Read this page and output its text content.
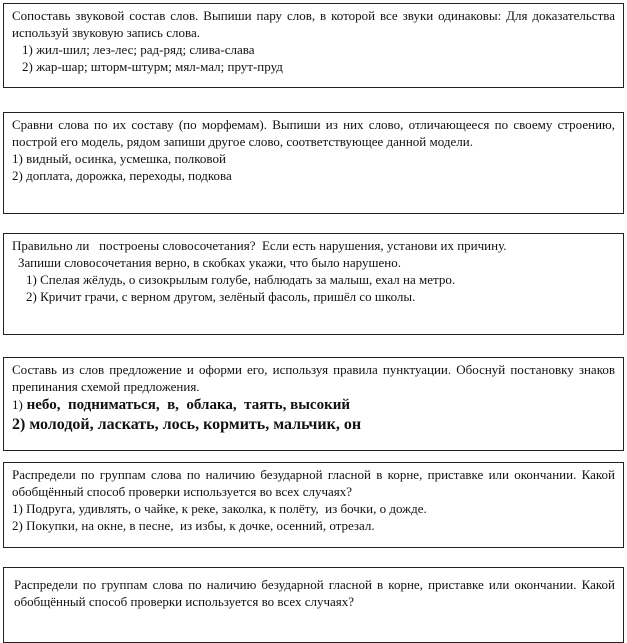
Сопоставь звуковой состав слов. Выпиши пару слов, в которой все звуки одинаковы: Для доказательства используй звуковую запись слова.
1) жил-шил; лез-лес; рад-ряд; слива-слава
2) жар-шар; шторм-штурм; мял-мал; прут-пруд
Сравни слова по их составу (по морфемам). Выпиши из них слово, отличающееся по своему строению, построй его модель, рядом запиши другое слово, соответствующее данной модели.
1) видный, осинка, усмешка, полковой
2) доплата, дорожка, переходы, подкова
Правильно ли   построены словосочетания?  Если есть нарушения, установи их причину.
Запиши словосочетания верно, в скобках укажи, что было нарушено.
1) Спелая жёлудь, о сизокрылым голубе, наблюдать за малыш, ехал на метро.
2) Кричит грачи, с верном другом, зелёный фасоль, пришёл со школы.
Составь из слов предложение и оформи его, используя правила пунктуации. Обоснуй постановку знаков препинания схемой предложения.
1) небо,  подниматься,  в,  облака,  таять, высокий
2) молодой, ласкать, лось, кормить, мальчик, он
Распредели по группам слова по наличию безударной гласной в корне, приставке или окончании. Какой обобщённый способ проверки используется во всех случаях?
1) Подруга, удивлять, о чайке, к реке, заколка, к полёту,  из бочки, о дожде.
2) Покупки, на окне, в песне,  из избы, к дочке, осенний, отрезал.
Распредели по группам слова по наличию безударной гласной в корне, приставке или окончании. Какой обобщённый способ проверки используется во всех случаях?
